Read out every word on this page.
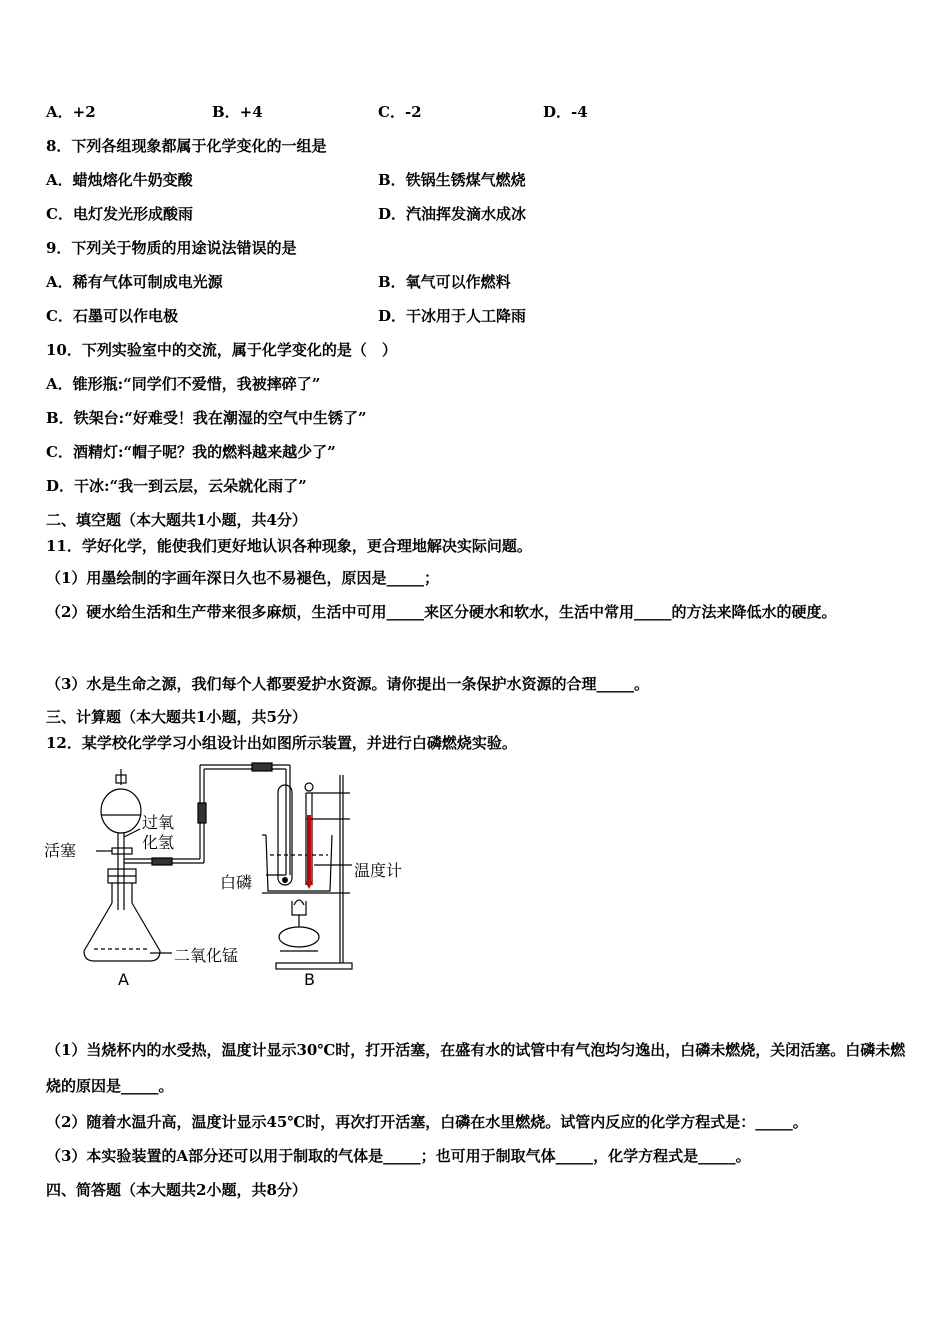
A．+2	B．+4	C．-2	D．-4
8．下列各组现象都属于化学变化的一组是
A．蜡烛熔化牛奶变酸	B．铁锅生锈煤气燃烧
C．电灯发光形成酸雨	D．汽油挥发滴水成冰
9．下列关于物质的用途说法错误的是
A．稀有气体可制成电光源	B．氧气可以作燃料
C．石墨可以作电极	D．干冰用于人工降雨
10．下列实验室中的交流，属于化学变化的是（　）
A．锥形瓶:“同学们不爱惜，我被摔碎了”
B．铁架台:“好难受！我在潮湿的空气中生锈了”
C．酒精灯:“帽子呢？我的燃料越来越少了”
D．干冰:“我一到云层，云朵就化雨了”
二、填空题（本大题共1小题，共4分）
11．学好化学，能使我们更好地认识各种现象，更合理地解决实际问题。
（1）用墨绘制的字画年深日久也不易褪色，原因是_____；
（2）硬水给生活和生产带来很多麻烦，生活中可用_____来区分硬水和软水，生活中常用_____的方法来降低水的硬度。
（3）水是生命之源，我们每个人都要爱护水资源。请你提出一条保护水资源的合理_____。
三、计算题（本大题共1小题，共5分）
12．某学校化学学习小组设计出如图所示装置，并进行白磷燃烧实验。
活塞
过氧
化氢
白磷
温度计
二氧化锰
A	B
（1）当烧杯内的水受热，温度计显示30℃时，打开活塞，在盛有水的试管中有气泡均匀逸出，白磷未燃烧，关闭活塞。白磷未燃烧的原因是_____。
（2）随着水温升高，温度计显示45℃时，再次打开活塞，白磷在水里燃烧。试管内反应的化学方程式是：_____。
（3）本实验装置的A部分还可以用于制取的气体是_____；也可用于制取气体_____，化学方程式是_____。
四、简答题（本大题共2小题，共8分）
